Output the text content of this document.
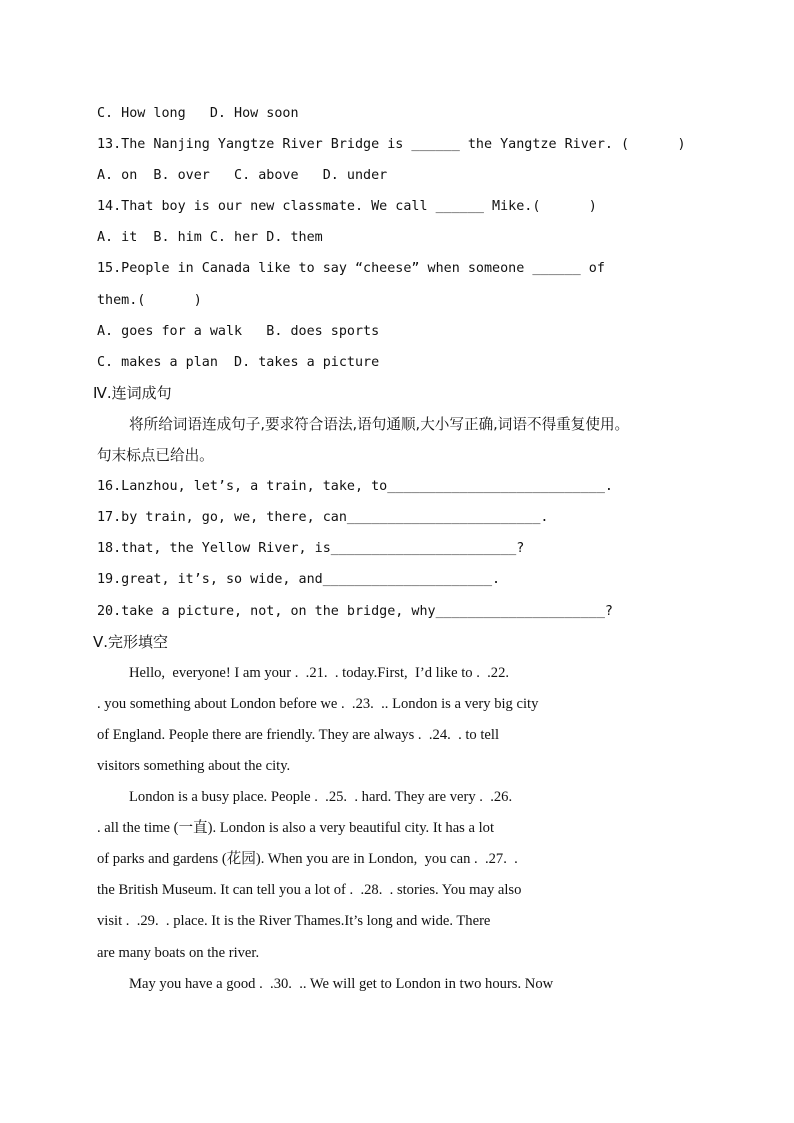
C. How long   D. How soon
13.The Nanjing Yangtze River Bridge is ______ the Yangtze River. (      )
A. on  B. over   C. above   D. under
14.That boy is our new classmate. We call ______ Mike.(      )
A. it  B. him C. her D. them
15.People in Canada like to say “cheese” when someone ______ of
them.(      )
A. goes for a walk   B. does sports
C. makes a plan  D. takes a picture
Ⅳ.连词成句
将所给词语连成句子,要求符合语法,语句通顺,大小写正确,词语不得重复使用。
句末标点已给出。
16.Lanzhou, let’s, a train, take, to___________________________.
17.by train, go, we, there, can________________________.
18.that, the Yellow River, is_______________________?
19.great, it’s, so wide, and_____________________.
20.take a picture, not, on the bridge, why_____________________?
Ⅴ.完形填空
Hello,  everyone! I am your .  .21.  . today.First,  I’d like to .  .22.
. you something about London before we .  .23.  .. London is a very big city
of England. People there are friendly. They are always .  .24.  . to tell
visitors something about the city.
London is a busy place. People .  .25.  . hard. They are very .  .26.
. all the time (一直). London is also a very beautiful city. It has a lot
of parks and gardens (花园). When you are in London,  you can .  .27.  .
the British Museum. It can tell you a lot of .  .28.  . stories. You may also
visit .  .29.  . place. It is the River Thames.It’s long and wide. There
are many boats on the river.
May you have a good .  .30.  .. We will get to London in two hours. Now
